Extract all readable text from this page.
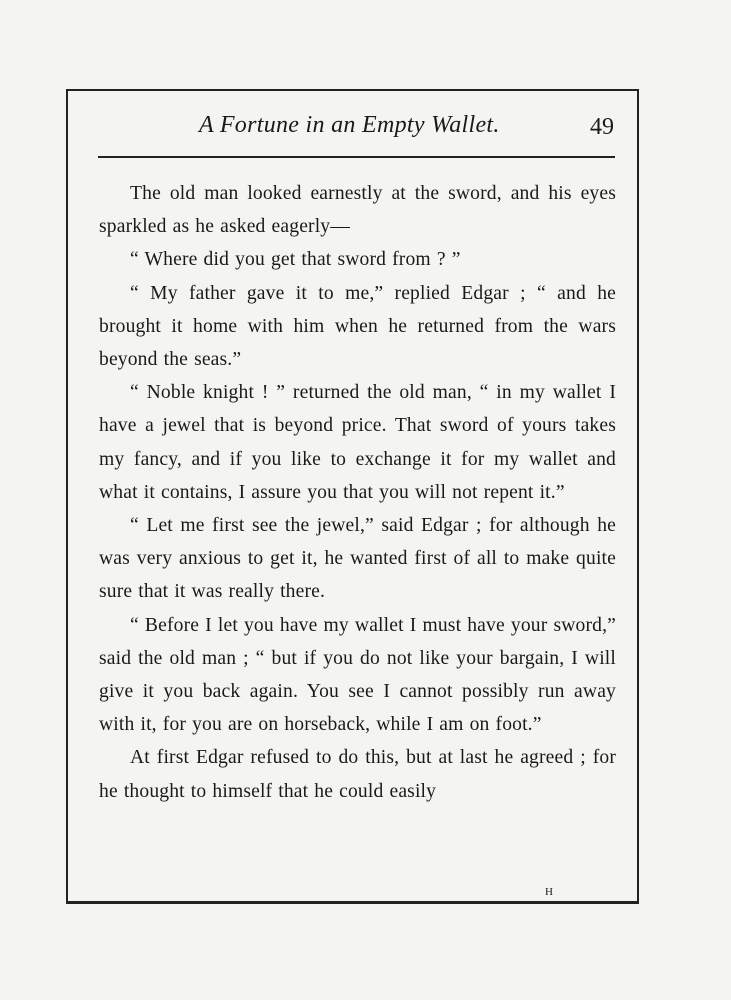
A Fortune in an Empty Wallet.	49

The old man looked earnestly at the sword, and his eyes sparkled as he asked eagerly—

“ Where did you get that sword from ? ”

“ My father gave it to me,” replied Edgar ; “ and he brought it home with him when he returned from the wars beyond the seas.”

“ Noble knight ! ” returned the old man, “ in my wallet I have a jewel that is beyond price. That sword of yours takes my fancy, and if you like to exchange it for my wallet and what it contains, I assure you that you will not repent it.”

“ Let me first see the jewel,” said Edgar ; for although he was very anxious to get it, he wanted first of all to make quite sure that it was really there.

“ Before I let you have my wallet I must have your sword,” said the old man ; “ but if you do not like your bargain, I will give it you back again. You see I cannot possibly run away with it, for you are on horseback, while I am on foot.”

At first Edgar refused to do this, but at last he agreed ; for he thought to himself that he could easily

H
